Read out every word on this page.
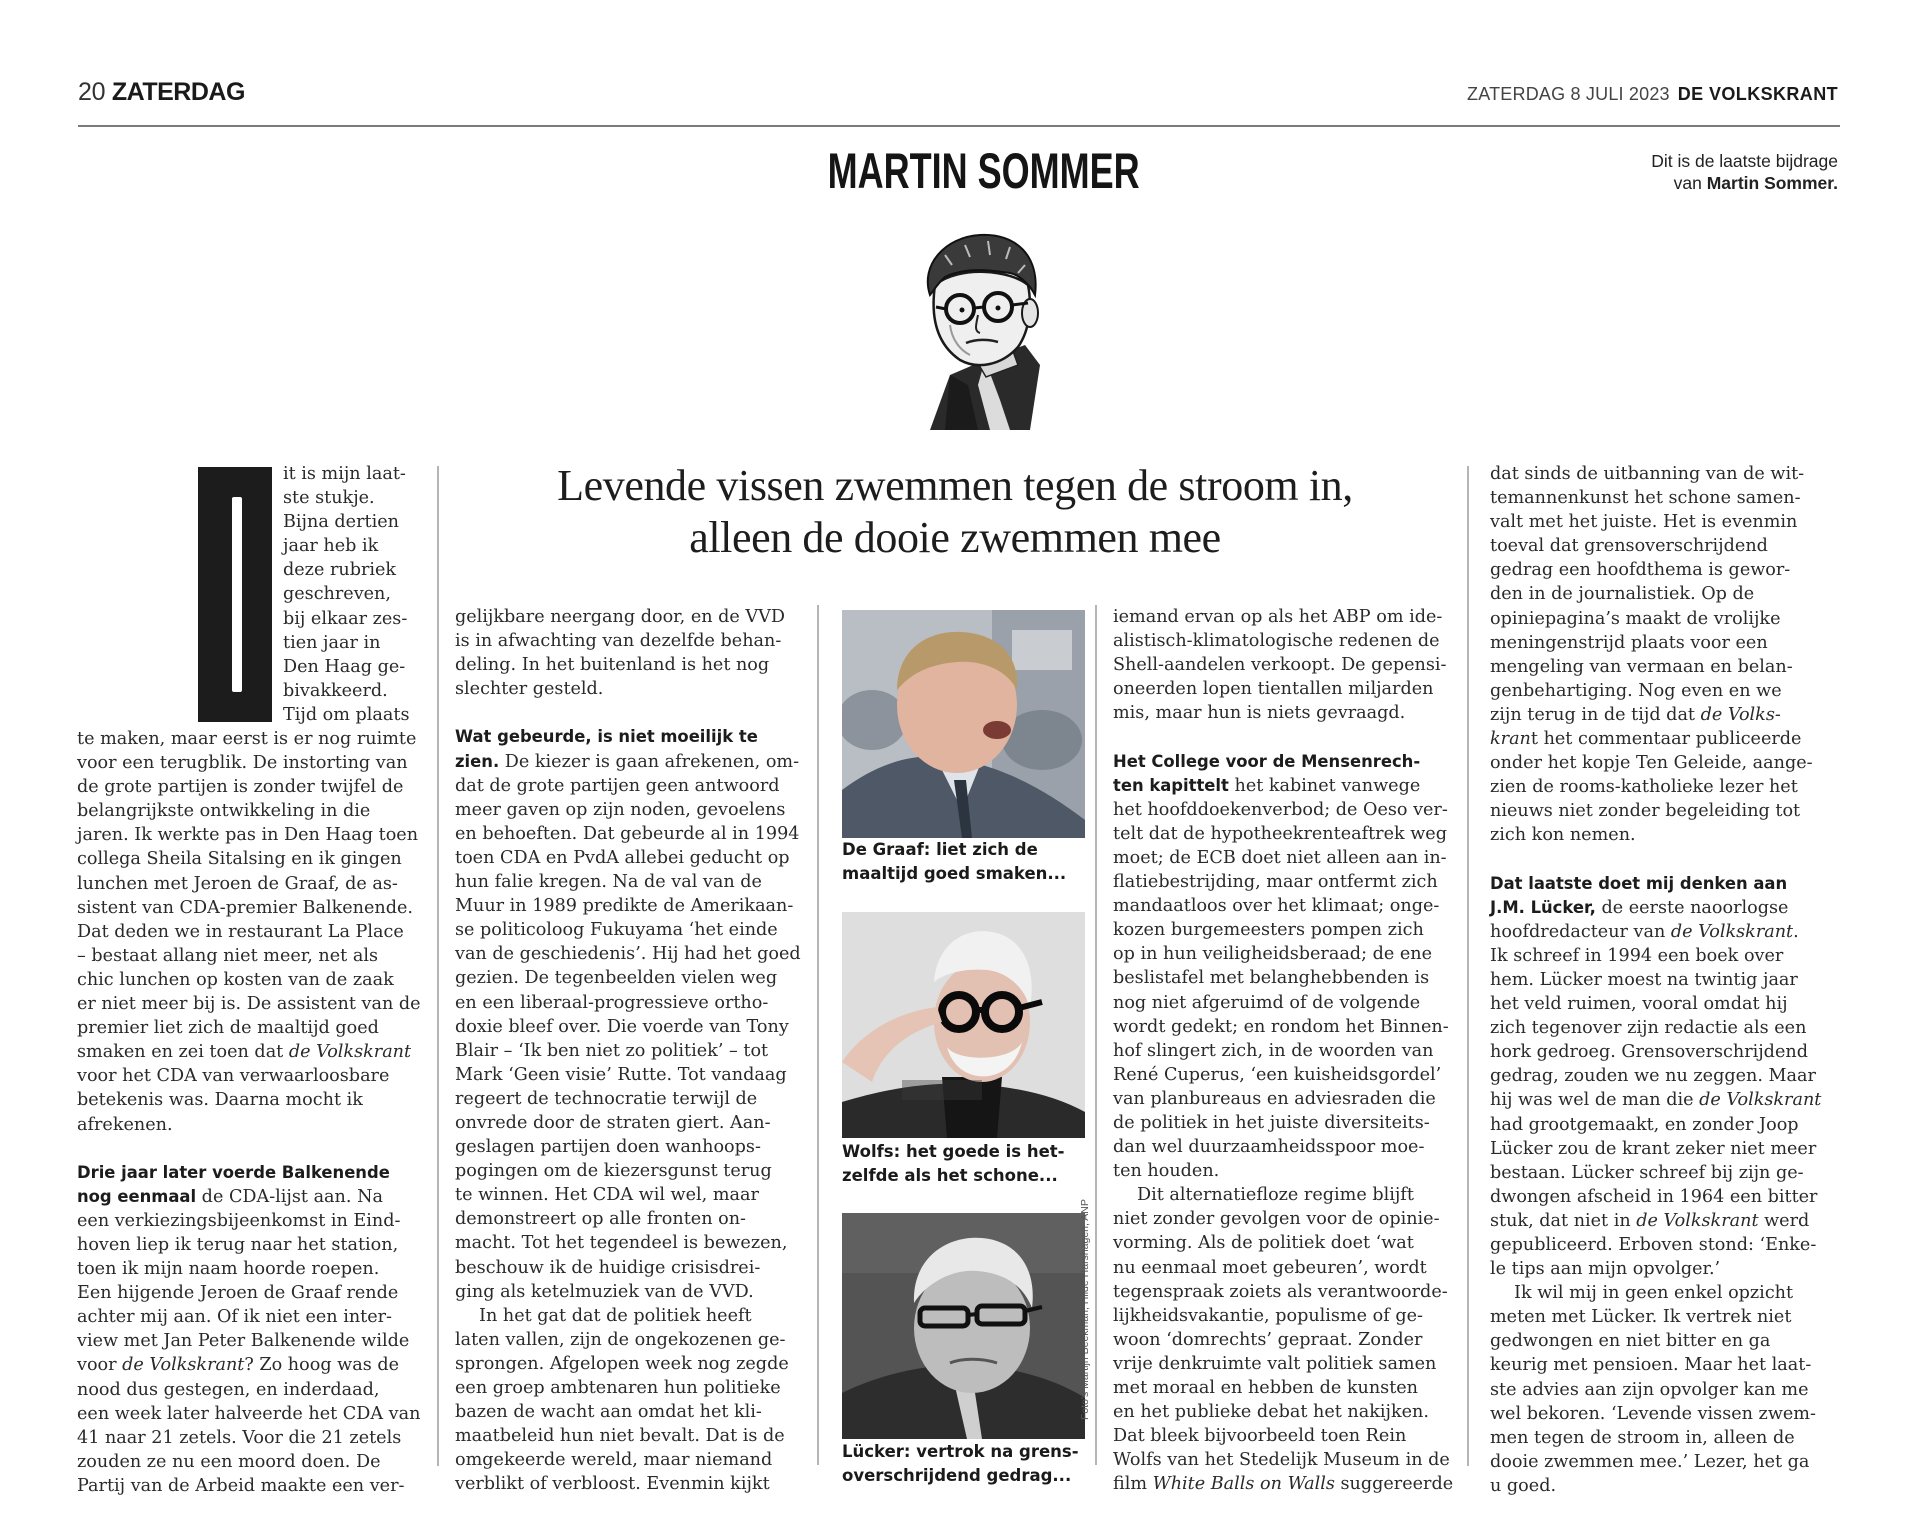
20 ZATERDAG	ZATERDAG 8 JULI 2023 DE VOLKSKRANT
MARTIN SOMMER	Dit is de laatste bijdrage
van Martin Sommer.
Levende vissen zwemmen tegen de stroom in,
alleen de dooie zwemmen mee
it is mijn laat-
ste stukje.
Bijna dertien
jaar heb ik
deze rubriek
geschreven,
bij elkaar zes-
tien jaar in
Den Haag ge-
bivakkeerd.
Tijd om plaats
te maken, maar eerst is er nog ruimte
voor een terugblik. De instorting van
de grote partijen is zonder twijfel de
belangrijkste ontwikkeling in die
jaren. Ik werkte pas in Den Haag toen
collega Sheila Sitalsing en ik gingen
lunchen met Jeroen de Graaf, de as-
sistent van CDA-premier Balkenende.
Dat deden we in restaurant La Place
– bestaat allang niet meer, net als
chic lunchen op kosten van de zaak
er niet meer bij is. De assistent van de
premier liet zich de maaltijd goed
smaken en zei toen dat de Volkskrant
voor het CDA van verwaarloosbare
betekenis was. Daarna mocht ik
afrekenen.
Drie jaar later voerde Balkenende
nog eenmaal de CDA-lijst aan. Na
een verkiezingsbijeenkomst in Eind-
hoven liep ik terug naar het station,
toen ik mijn naam hoorde roepen.
Een hijgende Jeroen de Graaf rende
achter mij aan. Of ik niet een inter-
view met Jan Peter Balkenende wilde
voor de Volkskrant? Zo hoog was de
nood dus gestegen, en inderdaad,
een week later halveerde het CDA van
41 naar 21 zetels. Voor die 21 zetels
zouden ze nu een moord doen. De
Partij van de Arbeid maakte een ver-
gelijkbare neergang door, en de VVD
is in afwachting van dezelfde behan-
deling. In het buitenland is het nog
slechter gesteld.
Wat gebeurde, is niet moeilijk te
zien. De kiezer is gaan afrekenen, om-
dat de grote partijen geen antwoord
meer gaven op zijn noden, gevoelens
en behoeften. Dat gebeurde al in 1994
toen CDA en PvdA allebei geducht op
hun falie kregen. Na de val van de
Muur in 1989 predikte de Amerikaan-
se politicoloog Fukuyama ‘het einde
van de geschiedenis’. Hij had het goed
gezien. De tegenbeelden vielen weg
en een liberaal-progressieve ortho-
doxie bleef over. Die voerde van Tony
Blair – ‘Ik ben niet zo politiek’ – tot
Mark ‘Geen visie’ Rutte. Tot vandaag
regeert de technocratie terwijl de
onvrede door de straten giert. Aan-
geslagen partijen doen wanhoops-
pogingen om de kiezersgunst terug
te winnen. Het CDA wil wel, maar
demonstreert op alle fronten on-
macht. Tot het tegendeel is bewezen,
beschouw ik de huidige crisisdrei-
ging als ketelmuziek van de VVD.
In het gat dat de politiek heeft
laten vallen, zijn de ongekozenen ge-
sprongen. Afgelopen week nog zegde
een groep ambtenaren hun politieke
bazen de wacht aan omdat het kli-
maatbeleid hun niet bevalt. Dat is de
omgekeerde wereld, maar niemand
verblikt of verbloost. Evenmin kijkt
De Graaf: liet zich de
maaltijd goed smaken...
Wolfs: het goede is het-
zelfde als het schone...
Lücker: vertrok na grens-
overschrijdend gedrag...
Foto's Martijn Beekman, Hilde Harshagen, ANP
iemand ervan op als het ABP om ide-
alistisch-klimatologische redenen de
Shell-aandelen verkoopt. De gepensi-
oneerden lopen tientallen miljarden
mis, maar hun is niets gevraagd.
Het College voor de Mensenrech-
ten kapittelt het kabinet vanwege
het hoofddoekenverbod; de Oeso ver-
telt dat de hypotheekrenteaftrek weg
moet; de ECB doet niet alleen aan in-
flatiebestrijding, maar ontfermt zich
mandaatloos over het klimaat; onge-
kozen burgemeesters pompen zich
op in hun veiligheidsberaad; de ene
beslistafel met belanghebbenden is
nog niet afgeruimd of de volgende
wordt gedekt; en rondom het Binnen-
hof slingert zich, in de woorden van
René Cuperus, ‘een kuisheidsgordel’
van planbureaus en adviesraden die
de politiek in het juiste diversiteits-
dan wel duurzaamheidsspoor moe-
ten houden.
Dit alternatiefloze regime blijft
niet zonder gevolgen voor de opinie-
vorming. Als de politiek doet ‘wat
nu eenmaal moet gebeuren’, wordt
tegenspraak zoiets als verantwoorde-
lijkheidsvakantie, populisme of ge-
woon ‘domrechts’ gepraat. Zonder
vrije denkruimte valt politiek samen
met moraal en hebben de kunsten
en het publieke debat het nakijken.
Dat bleek bijvoorbeeld toen Rein
Wolfs van het Stedelijk Museum in de
film White Balls on Walls suggereerde
dat sinds de uitbanning van de wit-
temannenkunst het schone samen-
valt met het juiste. Het is evenmin
toeval dat grensoverschrijdend
gedrag een hoofdthema is gewor-
den in de journalistiek. Op de
opiniepagina’s maakt de vrolijke
meningenstrijd plaats voor een
mengeling van vermaan en belan-
genbehartiging. Nog even en we
zijn terug in de tijd dat de Volks-
krant het commentaar publiceerde
onder het kopje Ten Geleide, aange-
zien de rooms-katholieke lezer het
nieuws niet zonder begeleiding tot
zich kon nemen.
Dat laatste doet mij denken aan
J.M. Lücker, de eerste naoorlogse
hoofdredacteur van de Volkskrant.
Ik schreef in 1994 een boek over
hem. Lücker moest na twintig jaar
het veld ruimen, vooral omdat hij
zich tegenover zijn redactie als een
hork gedroeg. Grensoverschrijdend
gedrag, zouden we nu zeggen. Maar
hij was wel de man die de Volkskrant
had grootgemaakt, en zonder Joop
Lücker zou de krant zeker niet meer
bestaan. Lücker schreef bij zijn ge-
dwongen afscheid in 1964 een bitter
stuk, dat niet in de Volkskrant werd
gepubliceerd. Erboven stond: ‘Enke-
le tips aan mijn opvolger.’
Ik wil mij in geen enkel opzicht
meten met Lücker. Ik vertrek niet
gedwongen en niet bitter en ga
keurig met pensioen. Maar het laat-
ste advies aan zijn opvolger kan me
wel bekoren. ‘Levende vissen zwem-
men tegen de stroom in, alleen de
dooie zwemmen mee.’ Lezer, het ga
u goed.
